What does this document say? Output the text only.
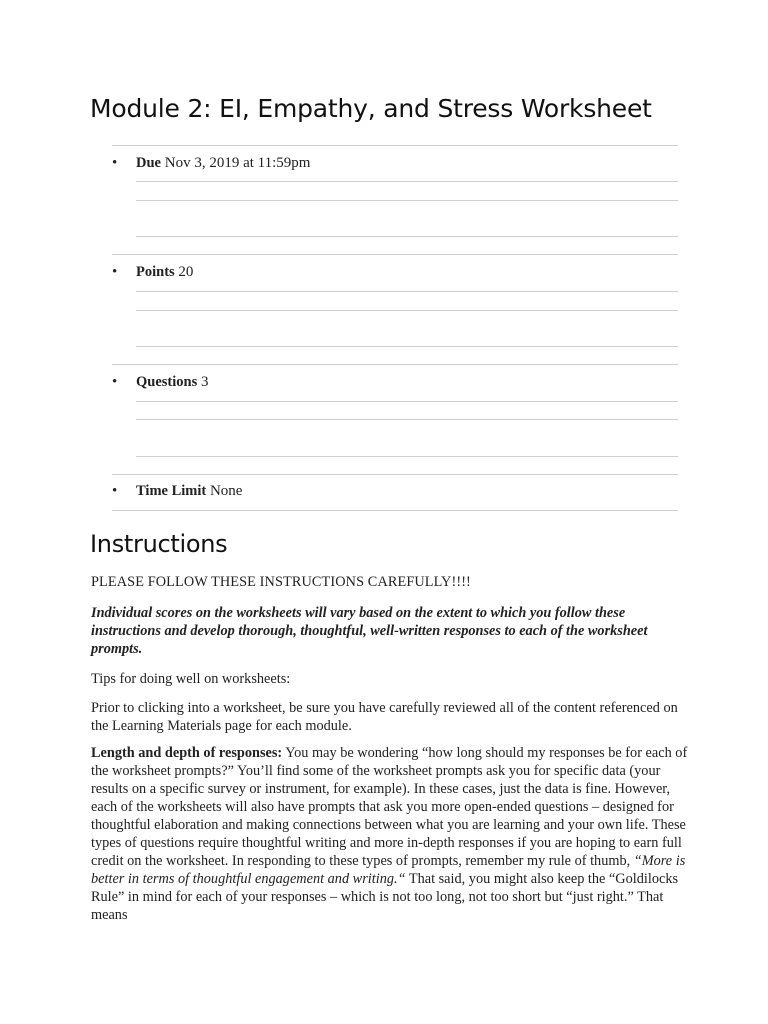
Module 2: EI, Empathy, and Stress Worksheet
• Due Nov 3, 2019 at 11:59pm
• Points 20
• Questions 3
• Time Limit None
Instructions

PLEASE FOLLOW THESE INSTRUCTIONS CAREFULLY!!!!

Individual scores on the worksheets will vary based on the extent to which you follow these instructions and develop thorough, thoughtful, well-written responses to each of the worksheet prompts.

Tips for doing well on worksheets:

Prior to clicking into a worksheet, be sure you have carefully reviewed all of the content referenced on the Learning Materials page for each module.

Length and depth of responses: You may be wondering “how long should my responses be for each of the worksheet prompts?” You’ll find some of the worksheet prompts ask you for specific data (your results on a specific survey or instrument, for example). In these cases, just the data is fine. However, each of the worksheets will also have prompts that ask you more open-ended questions – designed for thoughtful elaboration and making connections between what you are learning and your own life. These types of questions require thoughtful writing and more in-depth responses if you are hoping to earn full credit on the worksheet. In responding to these types of prompts, remember my rule of thumb, “More is better in terms of thoughtful engagement and writing.“ That said, you might also keep the “Goldilocks Rule” in mind for each of your responses – which is not too long, not too short but “just right.” That means
